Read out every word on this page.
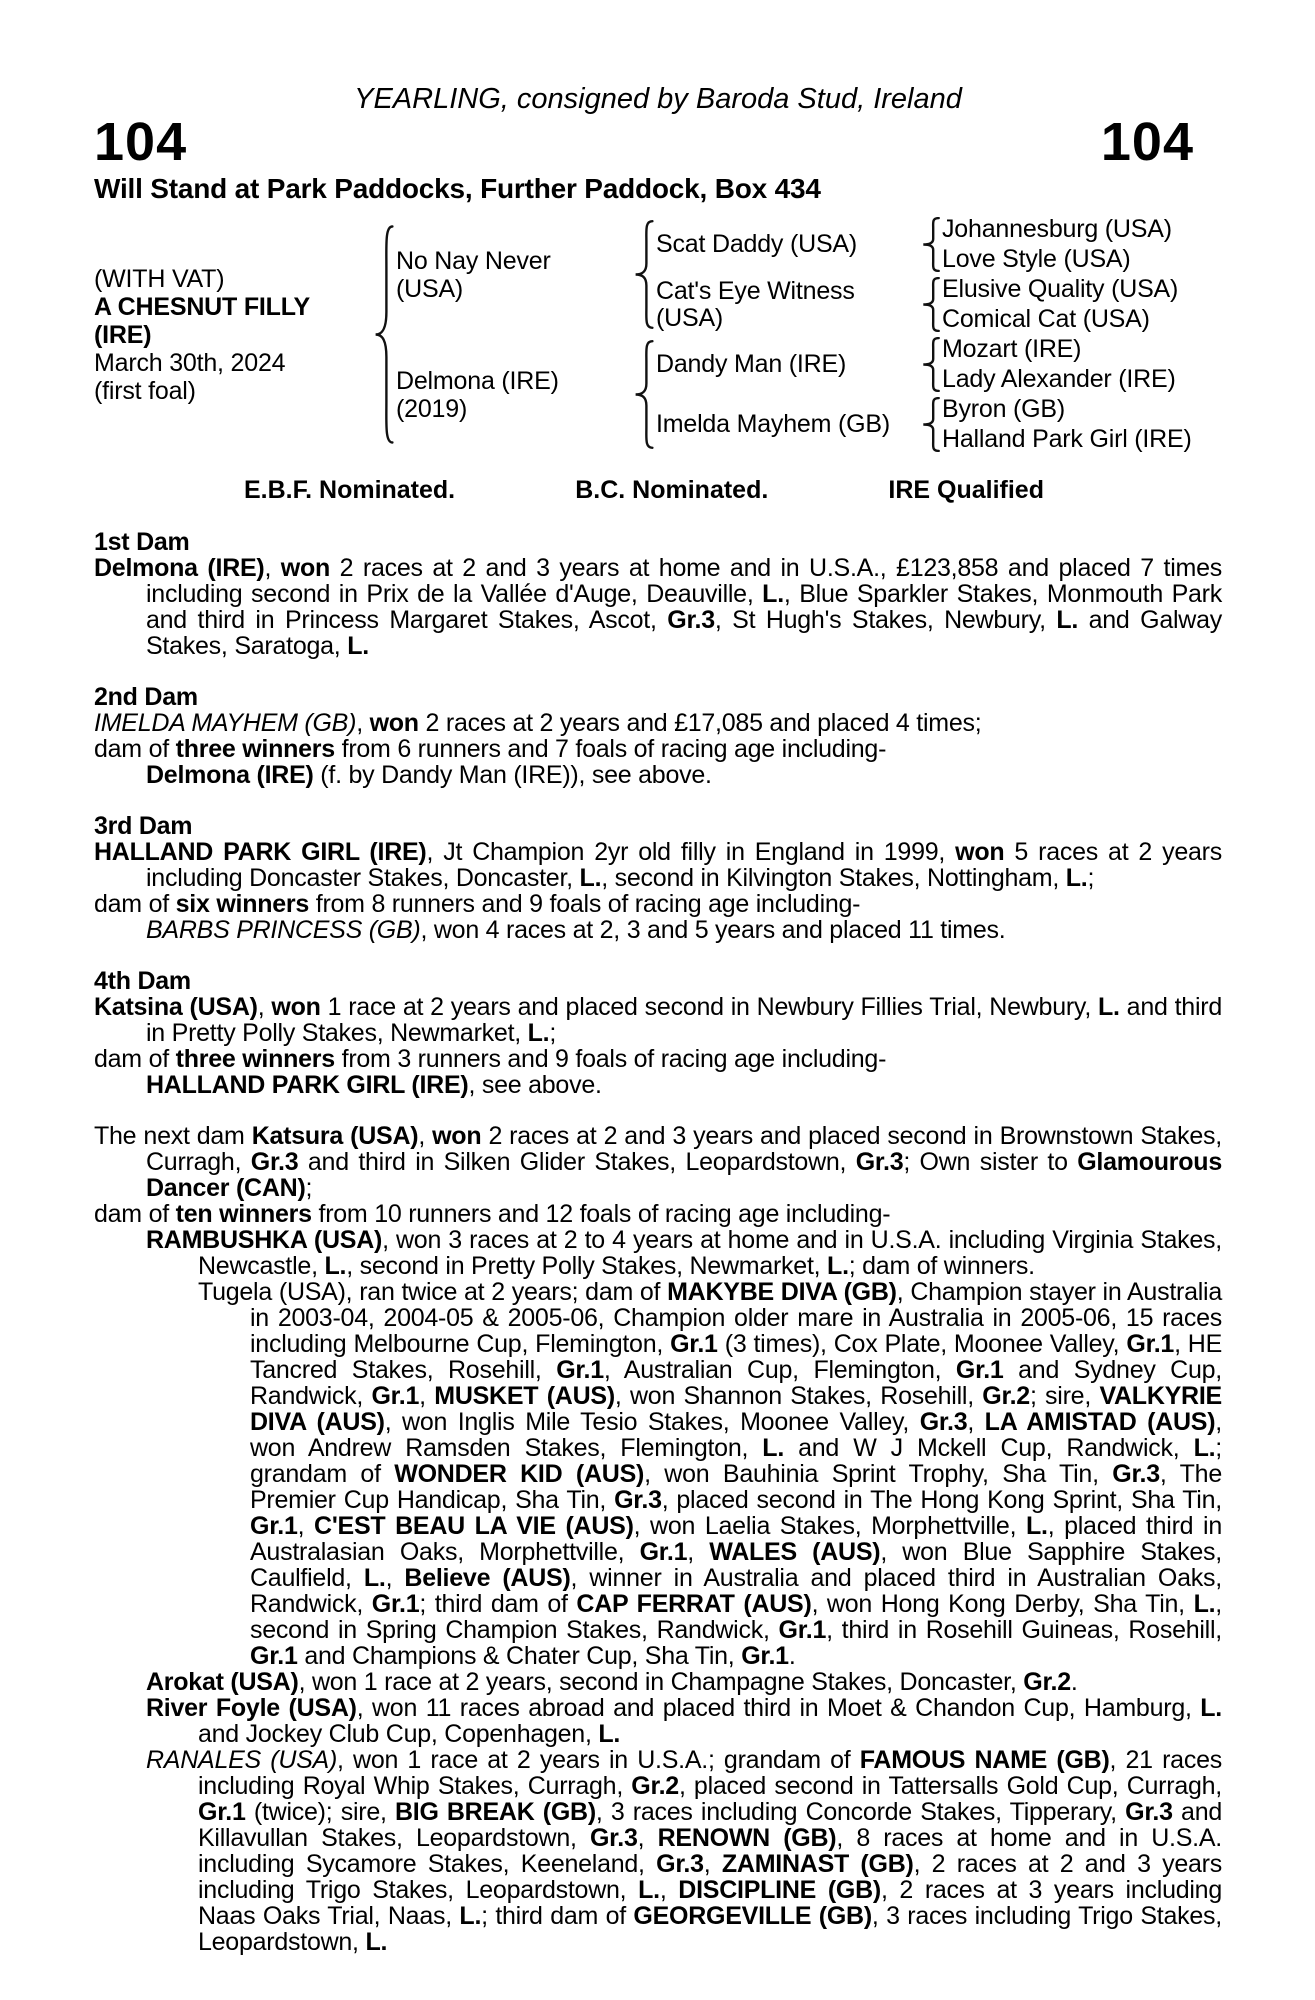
YEARLING, consigned by Baroda Stud, Ireland
104	104
Will Stand at Park Paddocks, Further Paddock, Box 434
(WITH VAT)
A CHESNUT FILLY
(IRE)
March 30th, 2024
(first foal)
No Nay Never
(USA)
Delmona (IRE)
(2019)
Scat Daddy (USA)
Cat's Eye Witness (USA)
Dandy Man (IRE)
Imelda Mayhem (GB)
Johannesburg (USA)
Love Style (USA)
Elusive Quality (USA)
Comical Cat (USA)
Mozart (IRE)
Lady Alexander (IRE)
Byron (GB)
Halland Park Girl (IRE)
E.B.F. Nominated.	B.C. Nominated.	IRE Qualified
1st Dam
Delmona (IRE), won 2 races at 2 and 3 years at home and in U.S.A., £123,858 and placed 7 times including second in Prix de la Vallée d'Auge, Deauville, L., Blue Sparkler Stakes, Monmouth Park and third in Princess Margaret Stakes, Ascot, Gr.3, St Hugh's Stakes, Newbury, L. and Galway Stakes, Saratoga, L.
2nd Dam
IMELDA MAYHEM (GB), won 2 races at 2 years and £17,085 and placed 4 times;
dam of three winners from 6 runners and 7 foals of racing age including-
Delmona (IRE) (f. by Dandy Man (IRE)), see above.
3rd Dam
HALLAND PARK GIRL (IRE), Jt Champion 2yr old filly in England in 1999, won 5 races at 2 years including Doncaster Stakes, Doncaster, L., second in Kilvington Stakes, Nottingham, L.;
dam of six winners from 8 runners and 9 foals of racing age including-
BARBS PRINCESS (GB), won 4 races at 2, 3 and 5 years and placed 11 times.
4th Dam
Katsina (USA), won 1 race at 2 years and placed second in Newbury Fillies Trial, Newbury, L. and third in Pretty Polly Stakes, Newmarket, L.;
dam of three winners from 3 runners and 9 foals of racing age including-
HALLAND PARK GIRL (IRE), see above.
The next dam Katsura (USA), won 2 races at 2 and 3 years and placed second in Brownstown Stakes, Curragh, Gr.3 and third in Silken Glider Stakes, Leopardstown, Gr.3; Own sister to Glamourous Dancer (CAN);
dam of ten winners from 10 runners and 12 foals of racing age including-
RAMBUSHKA (USA), won 3 races at 2 to 4 years at home and in U.S.A. including Virginia Stakes, Newcastle, L., second in Pretty Polly Stakes, Newmarket, L.; dam of winners.
Tugela (USA), ran twice at 2 years; dam of MAKYBE DIVA (GB), Champion stayer in Australia in 2003-04, 2004-05 & 2005-06, Champion older mare in Australia in 2005-06, 15 races including Melbourne Cup, Flemington, Gr.1 (3 times), Cox Plate, Moonee Valley, Gr.1, HE Tancred Stakes, Rosehill, Gr.1, Australian Cup, Flemington, Gr.1 and Sydney Cup, Randwick, Gr.1, MUSKET (AUS), won Shannon Stakes, Rosehill, Gr.2; sire, VALKYRIE DIVA (AUS), won Inglis Mile Tesio Stakes, Moonee Valley, Gr.3, LA AMISTAD (AUS), won Andrew Ramsden Stakes, Flemington, L. and W J Mckell Cup, Randwick, L.; grandam of WONDER KID (AUS), won Bauhinia Sprint Trophy, Sha Tin, Gr.3, The Premier Cup Handicap, Sha Tin, Gr.3, placed second in The Hong Kong Sprint, Sha Tin, Gr.1, C'EST BEAU LA VIE (AUS), won Laelia Stakes, Morphettville, L., placed third in Australasian Oaks, Morphettville, Gr.1, WALES (AUS), won Blue Sapphire Stakes, Caulfield, L., Believe (AUS), winner in Australia and placed third in Australian Oaks, Randwick, Gr.1; third dam of CAP FERRAT (AUS), won Hong Kong Derby, Sha Tin, L., second in Spring Champion Stakes, Randwick, Gr.1, third in Rosehill Guineas, Rosehill, Gr.1 and Champions & Chater Cup, Sha Tin, Gr.1.
Arokat (USA), won 1 race at 2 years, second in Champagne Stakes, Doncaster, Gr.2.
River Foyle (USA), won 11 races abroad and placed third in Moet & Chandon Cup, Hamburg, L. and Jockey Club Cup, Copenhagen, L.
RANALES (USA), won 1 race at 2 years in U.S.A.; grandam of FAMOUS NAME (GB), 21 races including Royal Whip Stakes, Curragh, Gr.2, placed second in Tattersalls Gold Cup, Curragh, Gr.1 (twice); sire, BIG BREAK (GB), 3 races including Concorde Stakes, Tipperary, Gr.3 and Killavullan Stakes, Leopardstown, Gr.3, RENOWN (GB), 8 races at home and in U.S.A. including Sycamore Stakes, Keeneland, Gr.3, ZAMINAST (GB), 2 races at 2 and 3 years including Trigo Stakes, Leopardstown, L., DISCIPLINE (GB), 2 races at 3 years including Naas Oaks Trial, Naas, L.; third dam of GEORGEVILLE (GB), 3 races including Trigo Stakes, Leopardstown, L.
